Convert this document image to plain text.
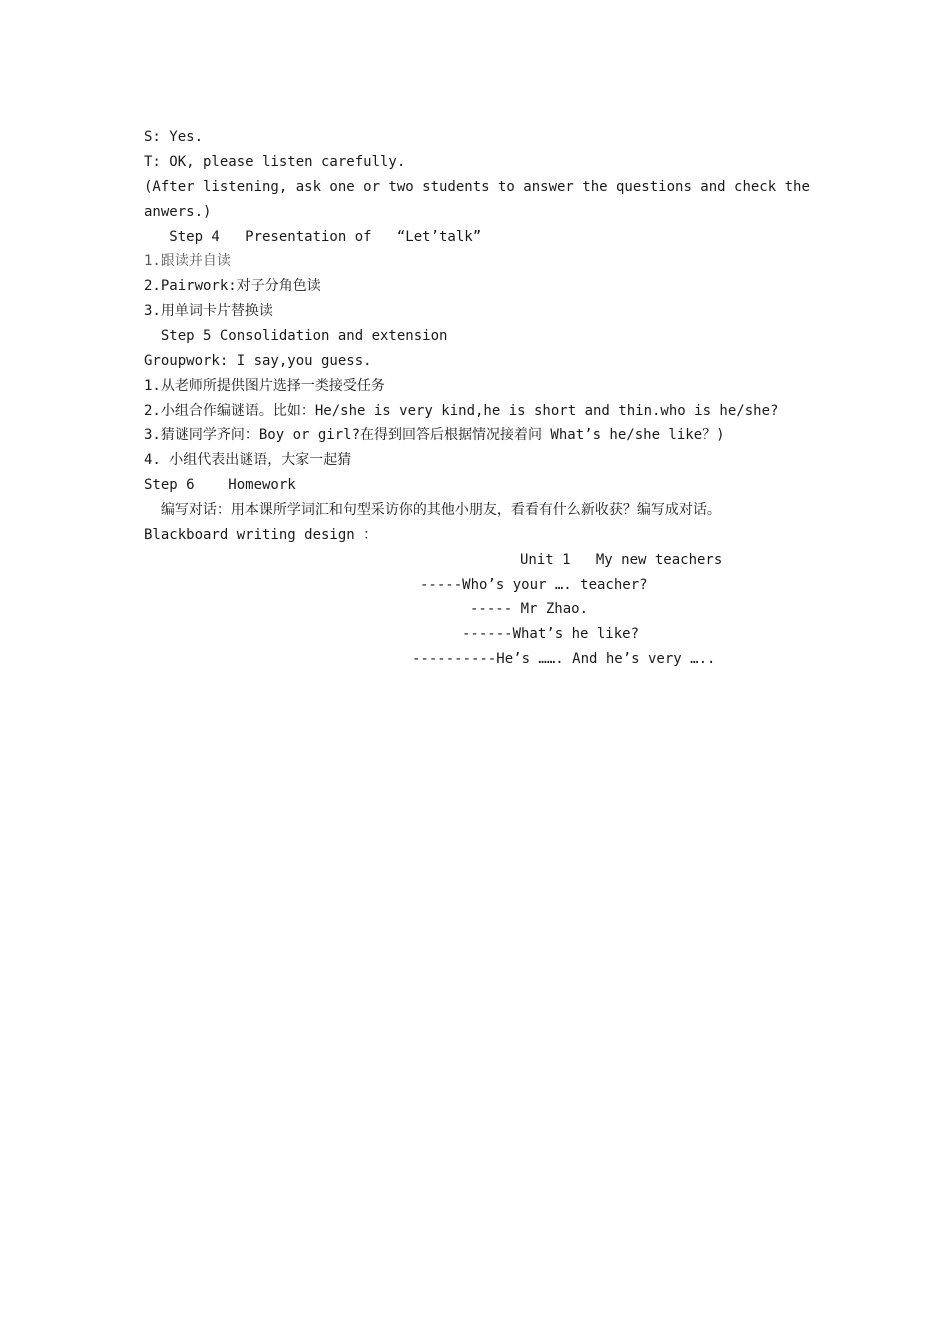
S: Yes.
T: OK, please listen carefully.
(After listening, ask one or two students to answer the questions and check the
anwers.)
Step 4   Presentation of   “Let’talk”
1.跟读并自读
2.Pairwork:对子分角色读
3.用单词卡片替换读
Step 5 Consolidation and extension
Groupwork: I say,you guess.
1.从老师所提供图片选择一类接受任务
2.小组合作编谜语。比如：He/she is very kind,he is short and thin.who is he/she?
3.猜谜同学齐问：Boy or girl?在得到回答后根据情况接着问 What’s he/she like？)
4. 小组代表出谜语，大家一起猜
Step 6    Homework
编写对话：用本课所学词汇和句型采访你的其他小朋友，看看有什么新收获？编写成对话。
Blackboard writing design ：
Unit 1   My new teachers
-----Who’s your …. teacher?
----- Mr Zhao.
------What’s he like?
----------He’s ……. And he’s very …..
